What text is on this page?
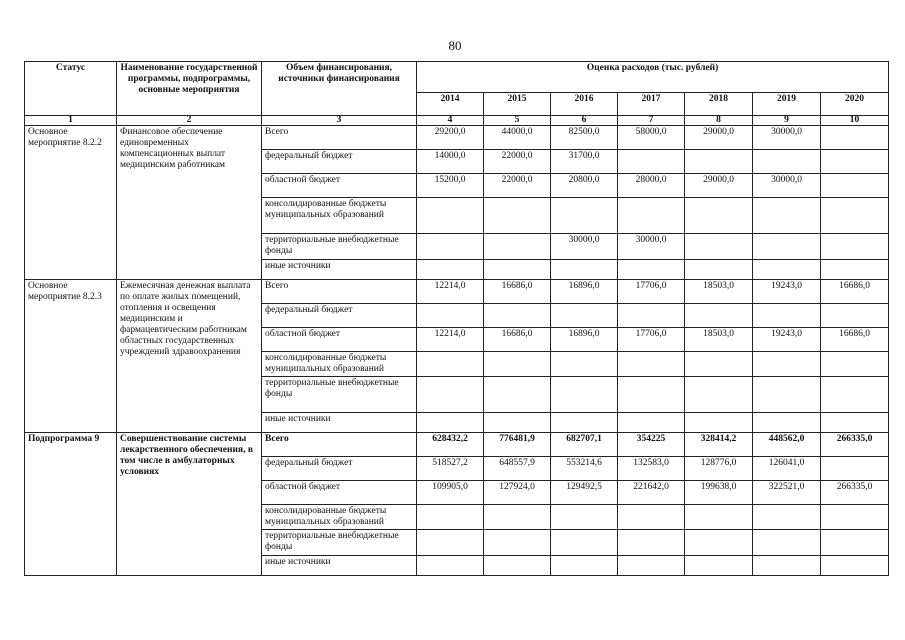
80
Статус	Наименование государственной программы, подпрограммы, основные мероприятия	Объем финансирования, источники финансирования	Оценка расходов (тыс. рублей)						
			2014	2015	2016	2017	2018	2019	2020
1	2	3	4	5	6	7	8	9	10
Основное мероприятие 8.2.2	Финансовое обеспечение единовременных компенсационных выплат медицинским работникам	Всего	29200,0	44000,0	82500,0	58000,0	29000,0	30000,0	
		федеральный бюджет	14000,0	22000,0	31700,0				
		областной бюджет	15200,0	22000,0	20800,0	28000,0	29000,0	30000,0	
		консолидированные бюджеты муниципальных образований							
		территориальные внебюджетные фонды			30000,0	30000,0			
		иные источники							
Основное мероприятие 8.2.3	Ежемесячная денежная выплата по оплате жилых помещений, отопления и освещения медицинским и фармацевтическим работникам областных государственных учреждений здравоохранения	Всего	12214,0	16686,0	16896,0	17706,0	18503,0	19243,0	16686,0
		федеральный бюджет							
		областной бюджет	12214,0	16686,0	16896,0	17706,0	18503,0	19243,0	16686,0
		консолидированные бюджеты муниципальных образований							
		территориальные внебюджетные фонды							
		иные источники							
Подпрограмма 9	Совершенствование системы лекарственного обеспечения, в том числе в амбулаторных условиях	Всего	628432,2	776481,9	682707,1	354225	328414,2	448562,0	266335,0
		федеральный бюджет	518527,2	648557,9	553214,6	132583,0	128776,0	126041,0	
		областной бюджет	109905,0	127924,0	129492,5	221642,0	199638,0	322521,0	266335,0
		консолидированные бюджеты муниципальных образований							
		территориальные внебюджетные фонды							
		иные источники							
